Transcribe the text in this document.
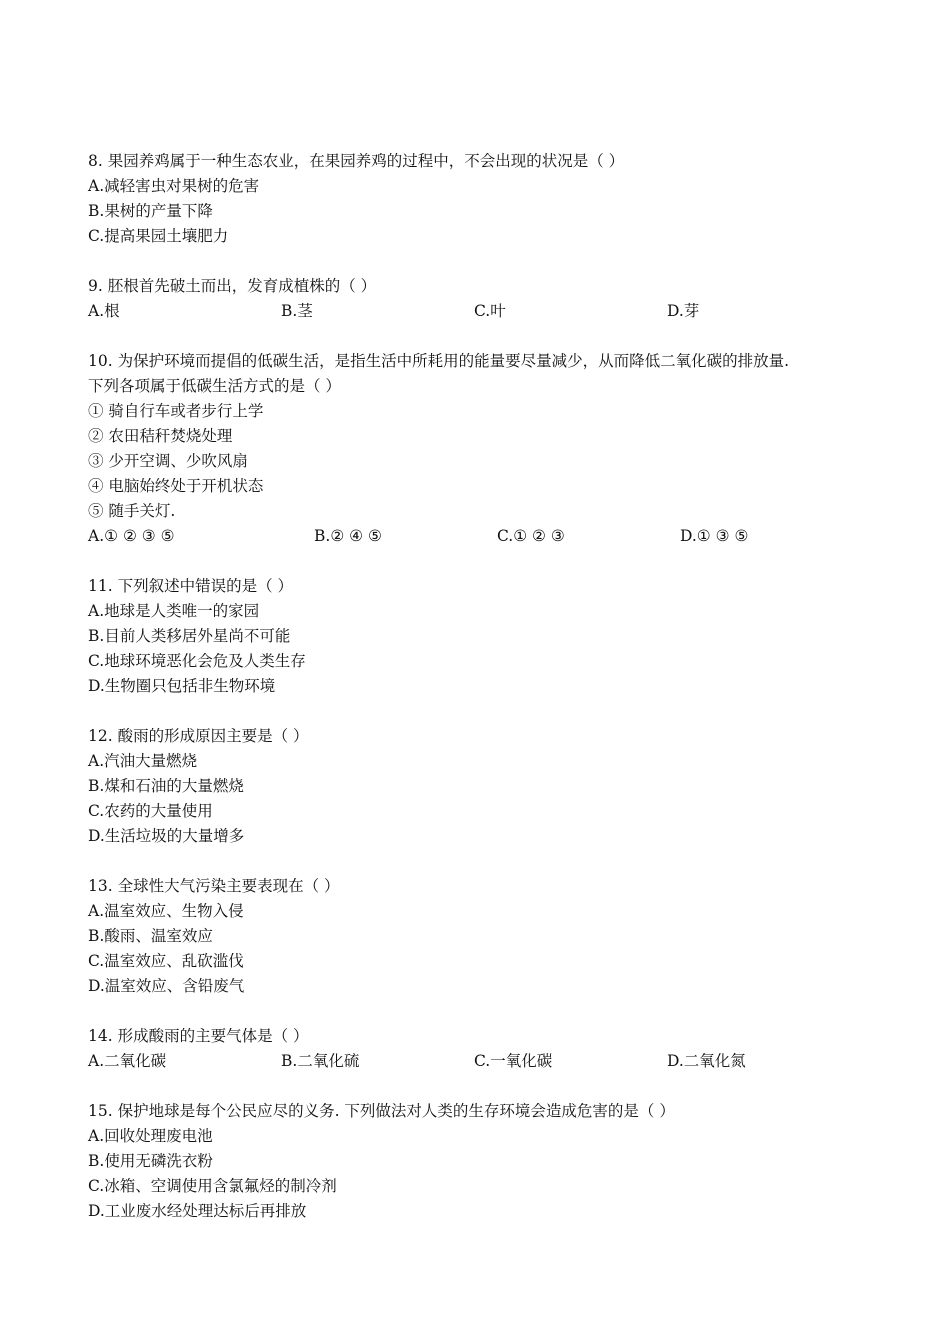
8. 果园养鸡属于一种生态农业，在果园养鸡的过程中，不会出现的状况是（ ）
A.减轻害虫对果树的危害
B.果树的产量下降
C.提高果园土壤肥力
9. 胚根首先破土而出，发育成植株的（ ）
A.根	B.茎	C.叶	D.芽
10. 为保护环境而提倡的低碳生活，是指生活中所耗用的能量要尽量减少，从而降低二氧化碳的排放量.
下列各项属于低碳生活方式的是（ ）
① 骑自行车或者步行上学
② 农田秸秆焚烧处理
③ 少开空调、少吹风扇
④ 电脑始终处于开机状态
⑤ 随手关灯.
A.① ② ③ ⑤	B.② ④ ⑤	C.① ② ③	D.① ③ ⑤
11. 下列叙述中错误的是（ ）
A.地球是人类唯一的家园
B.目前人类移居外星尚不可能
C.地球环境恶化会危及人类生存
D.生物圈只包括非生物环境
12. 酸雨的形成原因主要是（ ）
A.汽油大量燃烧
B.煤和石油的大量燃烧
C.农药的大量使用
D.生活垃圾的大量增多
13. 全球性大气污染主要表现在（ ）
A.温室效应、生物入侵
B.酸雨、温室效应
C.温室效应、乱砍滥伐
D.温室效应、含铅废气
14. 形成酸雨的主要气体是（ ）
A.二氧化碳	B.二氧化硫	C.一氧化碳	D.二氧化氮
15. 保护地球是每个公民应尽的义务. 下列做法对人类的生存环境会造成危害的是（ ）
A.回收处理废电池
B.使用无磷洗衣粉
C.冰箱、空调使用含氯氟烃的制冷剂
D.工业废水经处理达标后再排放
